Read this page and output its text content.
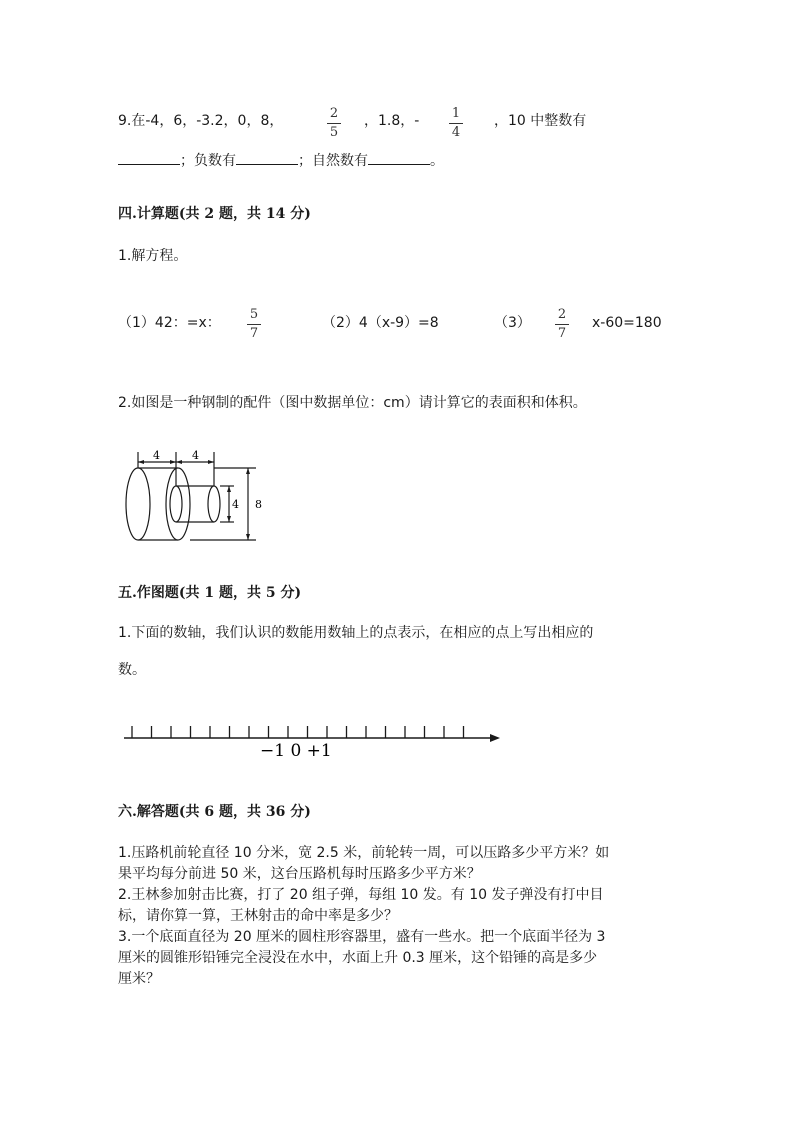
9.在-4，6，-3.2，0，8，	2
5
，1.8，-	1
4
，10 中整数有
；负数有	；自然数有	。
四.计算题(共 2 题，共 14 分)
1.解方程。
（1）42：=x：
5
7
（2）4（x-9）=8	（3）
2
7
x-60=180
2.如图是一种钢制的配件（图中数据单位：cm）请计算它的表面积和体积。
4	4
4 8
五.作图题(共 1 题，共 5 分)
1.下面的数轴，我们认识的数能用数轴上的点表示，在相应的点上写出相应的
数。
−1 0 +1
六.解答题(共 6 题，共 36 分)
1.压路机前轮直径 10 分米，宽 2.5 米，前轮转一周，可以压路多少平方米？如
果平均每分前进 50 米，这台压路机每时压路多少平方米？
2.王林参加射击比赛，打了 20 组子弹，每组 10 发。有 10 发子弹没有打中目
标，请你算一算，王林射击的命中率是多少？
3.一个底面直径为 20 厘米的圆柱形容器里，盛有一些水。把一个底面半径为 3
厘米的圆锥形铅锤完全浸没在水中，水面上升 0.3 厘米，这个铅锤的高是多少
厘米？
